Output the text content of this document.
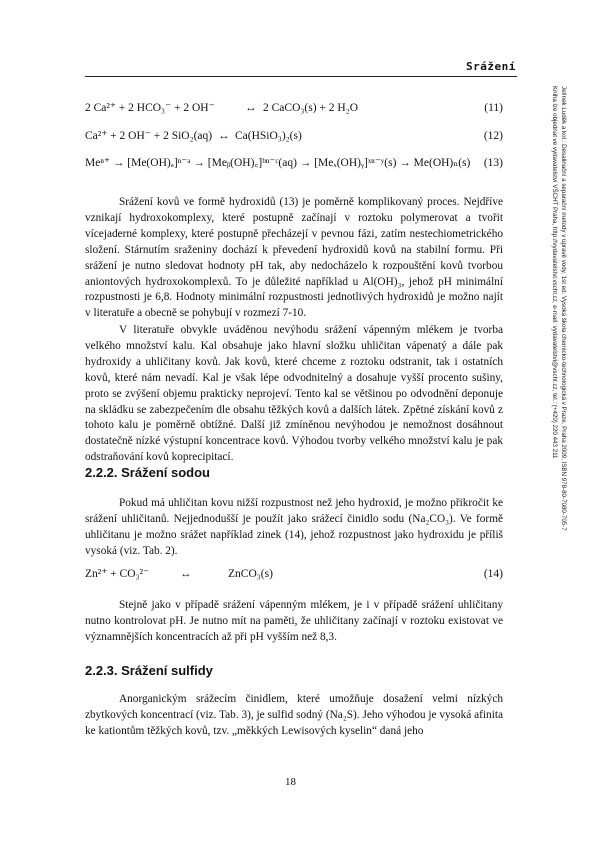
Srážení
2 Ca²⁺ + 2 HCO₃⁻ + 2 OH⁻	↔ 2 CaCO₃(s) + 2 H₂O	(11)
Ca²⁺ + 2 OH⁻ + 2 SiO₂(aq) ↔ Ca(HSiO₃)₂(s)	(12)
Meⁿ⁺ → [Me(OH)ₐ]ⁿ⁻ᵃ → [Meᵦ(OH)꜀]ᵇⁿ⁻ᶜ(aq) → [Meₓ(OH)ᵧ]ˣⁿ⁻ʸ(s) → Me(OH)ₙ(s) (13)

Srážení kovů ve formě hydroxidů (13) je poměrně komplikovaný proces. Nejdříve vznikají hydroxokomplexy, které postupně začínají v roztoku polymerovat a tvořit vícejaderné komplexy, které postupně přecházejí v pevnou fázi, zatím nestechiometrického složení. Stárnutím sraženiny dochází k převedení hydroxidů kovů na stabilní formu. Při srážení je nutno sledovat hodnoty pH tak, aby nedocházelo k rozpouštění kovů tvorbou aniontových hydroxokomplexů. To je důležité například u Al(OH)₃, jehož pH minimální rozpustnosti je 6,8. Hodnoty minimální rozpustnosti jednotlivých hydroxidů je možno najít v literatuře a obecně se pohybují v rozmezí 7-10.

V literatuře obvykle uváděnou nevýhodu srážení vápenným mlékem je tvorba velkého množství kalu. Kal obsahuje jako hlavní složku uhličitan vápenatý a dále pak hydroxidy a uhličitany kovů. Jak kovů, které chceme z roztoku odstranit, tak i ostatních kovů, které nám nevadí. Kal je však lépe odvodnitelný a dosahuje vyšší procento sušiny, proto se zvýšení objemu prakticky neprojeví. Tento kal se většinou po odvodnění deponuje na skládku se zabezpečením dle obsahu těžkých kovů a dalších látek. Zpětné získání kovů z tohoto kalu je poměrně obtížné. Další již zmíněnou nevýhodou je nemožnost dosáhnout dostatečně nízké výstupní koncentrace kovů. Výhodou tvorby velkého množství kalu je pak odstraňování kovů koprecipitací.

2.2.2. Srážení sodou

Pokud má uhličitan kovu nižší rozpustnost než jeho hydroxid, je možno přikročit ke srážení uhličitanů. Nejjednodušší je použít jako srážecí činidlo sodu (Na₂CO₃). Ve formě uhličitanu je možno srážet například zinek (14), jehož rozpustnost jako hydroxidu je příliš vysoká (viz. Tab. 2).

Zn²⁺ + CO₃²⁻	↔	ZnCO₃(s)	(14)

Stejně jako v případě srážení vápenným mlékem, je i v případě srážení uhličitany nutno kontrolovat pH. Je nutno mít na paměti, že uhličitany začínají v roztoku existovat ve významnějších koncentracích až při pH vyšším než 8,3.

2.2.3. Srážení sulfidy

Anorganickým srážecím činidlem, které umožňuje dosažení velmi nízkých zbytkových koncentrací (viz. Tab. 3), je sulfid sodný (Na₂S). Jeho výhodou je vysoká afinita ke kationtům těžkých kovů, tzv. „měkkých Lewisových kyselin“ daná jeho

18
Jelínek Luděk a kol.: Desalinační a separační metody v úpravě vody, 1st ed. Vysoká škola chemicko-technologická v Praze, Praha 2009, ISBN 978-80-7080-705-7
Kniha lze objednat ve vydavatelství VŠCHT Praha, http://vydavatelstvi.vscht.cz, e-mail: vydavatelstvi@vscht.cz, tel.: (+420) 220 443 211
